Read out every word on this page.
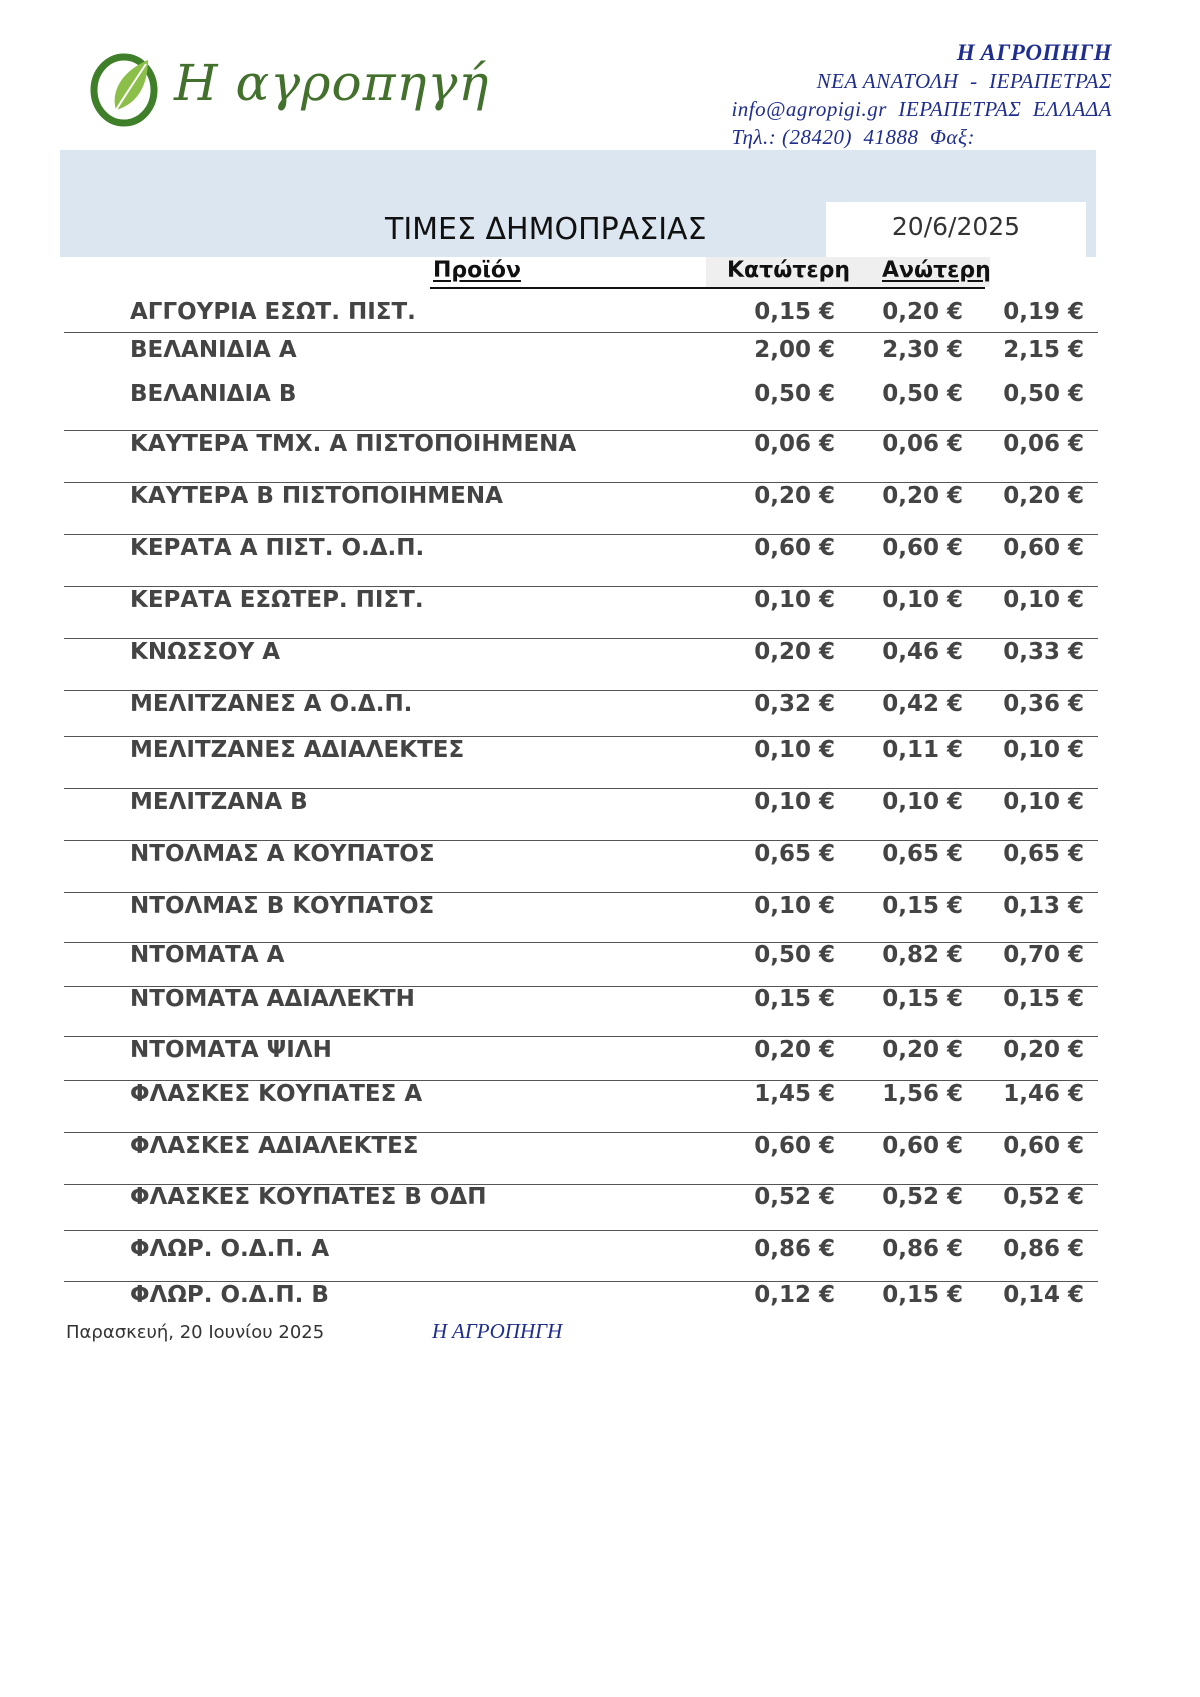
Η αγροπηγή
Η ΑΓΡΟΠΗΓΗ
ΝΕΑ ΑΝΑΤΟΛΗ  -  ΙΕΡΑΠΕΤΡΑΣ
info@agropigi.gr  ΙΕΡΑΠΕΤΡΑΣ  ΕΛΛΑΔΑ
Τηλ.: (28420)  41888  Φαξ:
ΤΙΜΕΣ ΔΗΜΟΠΡΑΣΙΑΣ	20/6/2025
Προϊόν	Κατώτερη Ανώτερη
ΑΓΓΟΥΡΙΑ ΕΣΩΤ. ΠΙΣΤ.	0,15 € 0,20 € 0,19 €
ΒΕΛΑΝΙΔΙΑ Α	2,00 € 2,30 € 2,15 €
ΒΕΛΑΝΙΔΙΑ Β	0,50 € 0,50 € 0,50 €
ΚΑΥΤΕΡΑ ΤΜΧ. Α ΠΙΣΤΟΠΟΙΗΜΕΝΑ	0,06 € 0,06 € 0,06 €
ΚΑΥΤΕΡΑ Β ΠΙΣΤΟΠΟΙΗΜΕΝΑ	0,20 € 0,20 € 0,20 €
ΚΕΡΑΤΑ Α ΠΙΣΤ. Ο.Δ.Π.	0,60 € 0,60 € 0,60 €
ΚΕΡΑΤΑ ΕΣΩΤΕΡ. ΠΙΣΤ.	0,10 € 0,10 € 0,10 €
ΚΝΩΣΣΟΥ Α	0,20 € 0,46 € 0,33 €
ΜΕΛΙΤΖΑΝΕΣ Α Ο.Δ.Π.	0,32 € 0,42 € 0,36 €
ΜΕΛΙΤΖΑΝΕΣ ΑΔΙΑΛΕΚΤΕΣ	0,10 € 0,11 € 0,10 €
ΜΕΛΙΤΖΑΝΑ Β	0,10 € 0,10 € 0,10 €
ΝΤΟΛΜΑΣ Α ΚΟΥΠΑΤΟΣ	0,65 € 0,65 € 0,65 €
ΝΤΟΛΜΑΣ Β ΚΟΥΠΑΤΟΣ	0,10 € 0,15 € 0,13 €
ΝΤΟΜΑΤΑ Α	0,50 € 0,82 € 0,70 €
ΝΤΟΜΑΤΑ ΑΔΙΑΛΕΚΤΗ	0,15 € 0,15 € 0,15 €
ΝΤΟΜΑΤΑ ΨΙΛΗ	0,20 € 0,20 € 0,20 €
ΦΛΑΣΚΕΣ ΚΟΥΠΑΤΕΣ Α	1,45 € 1,56 € 1,46 €
ΦΛΑΣΚΕΣ ΑΔΙΑΛΕΚΤΕΣ	0,60 € 0,60 € 0,60 €
ΦΛΑΣΚΕΣ ΚΟΥΠΑΤΕΣ Β ΟΔΠ	0,52 € 0,52 € 0,52 €
ΦΛΩΡ. Ο.Δ.Π. Α	0,86 € 0,86 € 0,86 €
ΦΛΩΡ. Ο.Δ.Π. Β	0,12 € 0,15 € 0,14 €
Παρασκευή, 20 Ιουνίου 2025	Η ΑΓΡΟΠΗΓΗ
